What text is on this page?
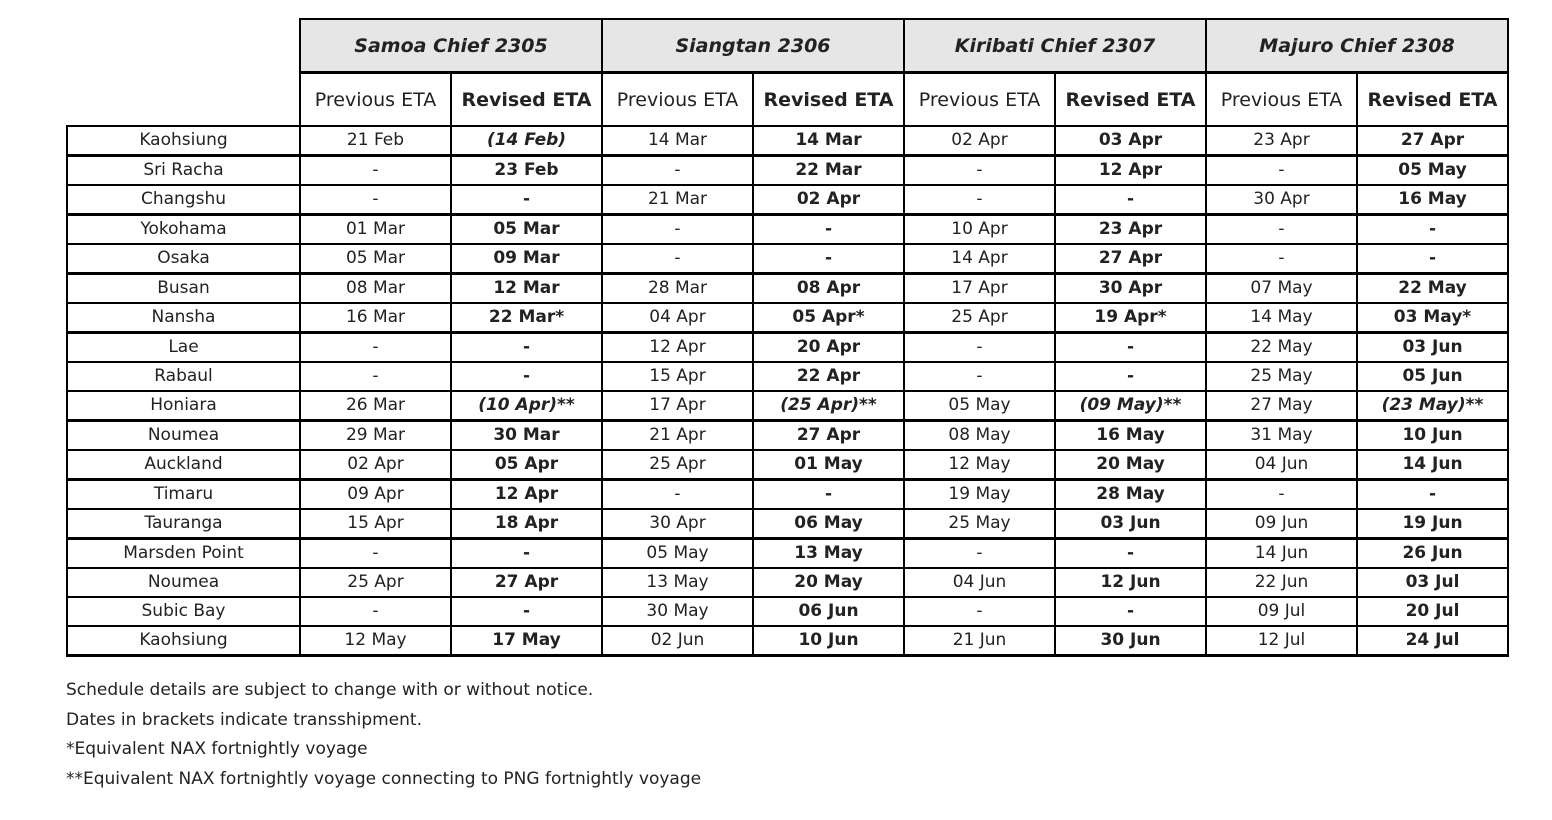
	Samoa Chief 2305		Siangtan 2306		Kiribati Chief 2307		Majuro Chief 2308	
	Previous ETA	Revised ETA	Previous ETA	Revised ETA	Previous ETA	Revised ETA	Previous ETA	Revised ETA
Kaohsiung	21 Feb	(14 Feb)	14 Mar	14 Mar	02 Apr	03 Apr	23 Apr	27 Apr
Sri Racha	-	23 Feb	-	22 Mar	-	12 Apr	-	05 May
Changshu	-	-	21 Mar	02 Apr	-	-	30 Apr	16 May
Yokohama	01 Mar	05 Mar	-	-	10 Apr	23 Apr	-	-
Osaka	05 Mar	09 Mar	-	-	14 Apr	27 Apr	-	-
Busan	08 Mar	12 Mar	28 Mar	08 Apr	17 Apr	30 Apr	07 May	22 May
Nansha	16 Mar	22 Mar*	04 Apr	05 Apr*	25 Apr	19 Apr*	14 May	03 May*
Lae	-	-	12 Apr	20 Apr	-	-	22 May	03 Jun
Rabaul	-	-	15 Apr	22 Apr	-	-	25 May	05 Jun
Honiara	26 Mar	(10 Apr)**	17 Apr	(25 Apr)**	05 May	(09 May)**	27 May	(23 May)**
Noumea	29 Mar	30 Mar	21 Apr	27 Apr	08 May	16 May	31 May	10 Jun
Auckland	02 Apr	05 Apr	25 Apr	01 May	12 May	20 May	04 Jun	14 Jun
Timaru	09 Apr	12 Apr	-	-	19 May	28 May	-	-
Tauranga	15 Apr	18 Apr	30 Apr	06 May	25 May	03 Jun	09 Jun	19 Jun
Marsden Point	-	-	05 May	13 May	-	-	14 Jun	26 Jun
Noumea	25 Apr	27 Apr	13 May	20 May	04 Jun	12 Jun	22 Jun	03 Jul
Subic Bay	-	-	30 May	06 Jun	-	-	09 Jul	20 Jul
Kaohsiung	12 May	17 May	02 Jun	10 Jun	21 Jun	30 Jun	12 Jul	24 Jul
Schedule details are subject to change with or without notice.
Dates in brackets indicate transshipment.
*Equivalent NAX fortnightly voyage
**Equivalent NAX fortnightly voyage connecting to PNG fortnightly voyage
